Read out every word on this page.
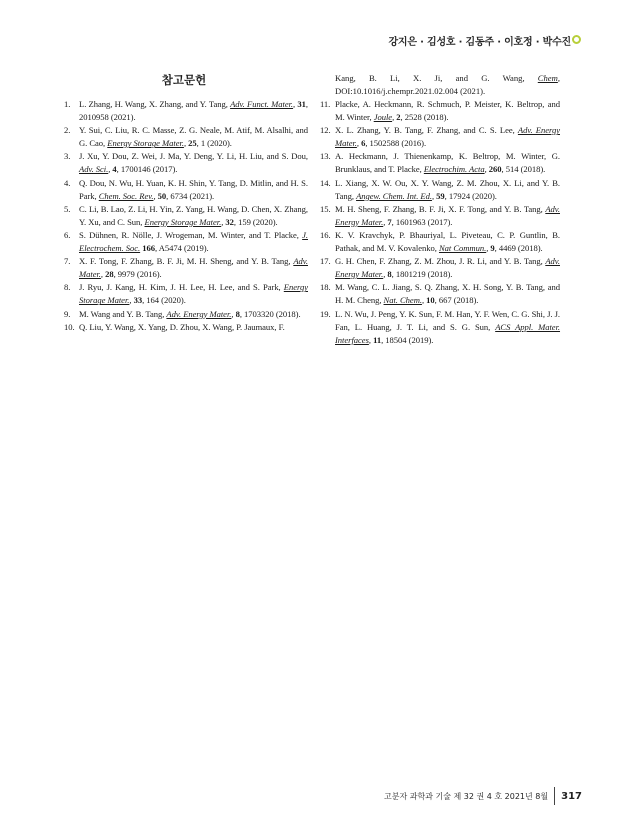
강지은 · 김성호 · 김동주 · 이호정 · 박수진
참고문헌
1.	L. Zhang, H. Wang, X. Zhang, and Y. Tang, Adv. Funct. Mater., 31, 2010958 (2021).
2.	Y. Sui, C. Liu, R. C. Masse, Z. G. Neale, M. Atif, M. Alsalhi, and G. Cao, Energy Storage Mater., 25, 1 (2020).
3.	J. Xu, Y. Dou, Z. Wei, J. Ma, Y. Deng, Y. Li, H. Liu, and S. Dou, Adv. Sci., 4, 1700146 (2017).
4.	Q. Dou, N. Wu, H. Yuan, K. H. Shin, Y. Tang, D. Mitlin, and H. S. Park, Chem. Soc. Rev., 50, 6734 (2021).
5.	C. Li, B. Lao, Z. Li, H. Yin, Z. Yang, H. Wang, D. Chen, X. Zhang, Y. Xu, and C. Sun, Energy Storage Mater., 32, 159 (2020).
6.	S. Dühnen, R. Nölle, J. Wrogeman, M. Winter, and T. Placke, J. Electrochem. Soc. 166, A5474 (2019).
7.	X. F. Tong, F. Zhang, B. F. Ji, M. H. Sheng, and Y. B. Tang, Adv. Mater., 28, 9979 (2016).
8.	J. Ryu, J. Kang, H. Kim, J. H. Lee, H. Lee, and S. Park, Energy Storage Mater., 33, 164 (2020).
9.	M. Wang and Y. B. Tang, Adv. Energy Mater., 8, 1703320 (2018).
10. Q. Liu, Y. Wang, X. Yang, D. Zhou, X. Wang, P. Jaumaux, F.
Kang, B. Li, X. Ji, and G. Wang, Chem, DOI:10.1016/j.chempr.2021.02.004 (2021).
11. Placke, A. Heckmann, R. Schmuch, P. Meister, K. Beltrop, and M. Winter, Joule, 2, 2528 (2018).
12. X. L. Zhang, Y. B. Tang, F. Zhang, and C. S. Lee, Adv. Energy Mater., 6, 1502588 (2016).
13. A. Heckmann, J. Thienenkamp, K. Beltrop, M. Winter, G. Brunklaus, and T. Placke, Electrochim. Acta, 260, 514 (2018).
14. L. Xiang, X. W. Ou, X. Y. Wang, Z. M. Zhou, X. Li, and Y. B. Tang, Angew. Chem. Int. Ed., 59, 17924 (2020).
15. M. H. Sheng, F. Zhang, B. F. Ji, X. F. Tong, and Y. B. Tang, Adv. Energy Mater., 7, 1601963 (2017).
16. K. V. Kravchyk, P. Bhauriyal, L. Piveteau, C. P. Guntlin, B. Pathak, and M. V. Kovalenko, Nat Commun., 9, 4469 (2018).
17. G. H. Chen, F. Zhang, Z. M. Zhou, J. R. Li, and Y. B. Tang, Adv. Energy Mater., 8, 1801219 (2018).
18. M. Wang, C. L. Jiang, S. Q. Zhang, X. H. Song, Y. B. Tang, and H. M. Cheng, Nat. Chem., 10, 667 (2018).
19. L. N. Wu, J. Peng, Y. K. Sun, F. M. Han, Y. F. Wen, C. G. Shi, J. J. Fan, L. Huang, J. T. Li, and S. G. Sun, ACS Appl. Mater. Interfaces, 11, 18504 (2019).
고분자 과학과 기술 제 32 권 4 호 2021년 8월 317
